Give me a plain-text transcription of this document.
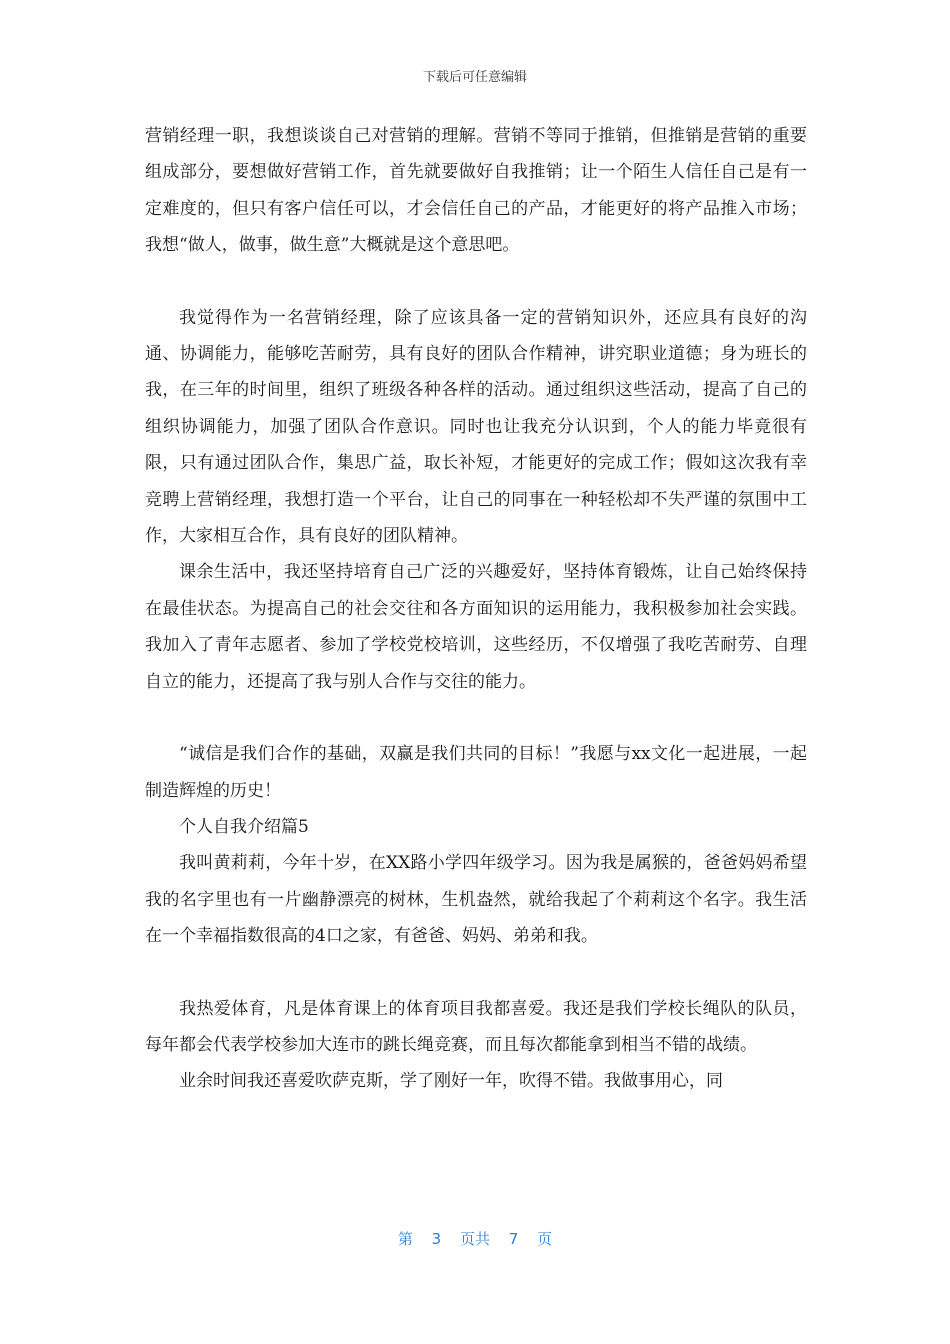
下载后可任意编辑

营销经理一职，我想谈谈自己对营销的理解。营销不等同于推销，但推销是营销的重要组成部分，要想做好营销工作，首先就要做好自我推销；让一个陌生人信任自己是有一定难度的，但只有客户信任可以，才会信任自己的产品，才能更好的将产品推入市场；我想“做人，做事，做生意”大概就是这个意思吧。

我觉得作为一名营销经理，除了应该具备一定的营销知识外，还应具有良好的沟通、协调能力，能够吃苦耐劳，具有良好的团队合作精神，讲究职业道德；身为班长的我，在三年的时间里，组织了班级各种各样的活动。通过组织这些活动，提高了自己的组织协调能力，加强了团队合作意识。同时也让我充分认识到，个人的能力毕竟很有限，只有通过团队合作，集思广益，取长补短，才能更好的完成工作；假如这次我有幸竞聘上营销经理，我想打造一个平台，让自己的同事在一种轻松却不失严谨的氛围中工作，大家相互合作，具有良好的团队精神。

课余生活中，我还坚持培育自己广泛的兴趣爱好，坚持体育锻炼，让自己始终保持在最佳状态。为提高自己的社会交往和各方面知识的运用能力，我积极参加社会实践。我加入了青年志愿者、参加了学校党校培训，这些经历，不仅增强了我吃苦耐劳、自理自立的能力，还提高了我与别人合作与交往的能力。

“诚信是我们合作的基础，双赢是我们共同的目标！”我愿与xx文化一起进展，一起制造辉煌的历史！

个人自我介绍篇5

我叫黄莉莉，今年十岁，在XX路小学四年级学习。因为我是属猴的，爸爸妈妈希望我的名字里也有一片幽静漂亮的树林，生机盎然，就给我起了个莉莉这个名字。我生活在一个幸福指数很高的4口之家，有爸爸、妈妈、弟弟和我。

我热爱体育，凡是体育课上的体育项目我都喜爱。我还是我们学校长绳队的队员，每年都会代表学校参加大连市的跳长绳竞赛，而且每次都能拿到相当不错的战绩。

业余时间我还喜爱吹萨克斯，学了刚好一年，吹得不错。我做事用心，同

第 3 页共 7 页
